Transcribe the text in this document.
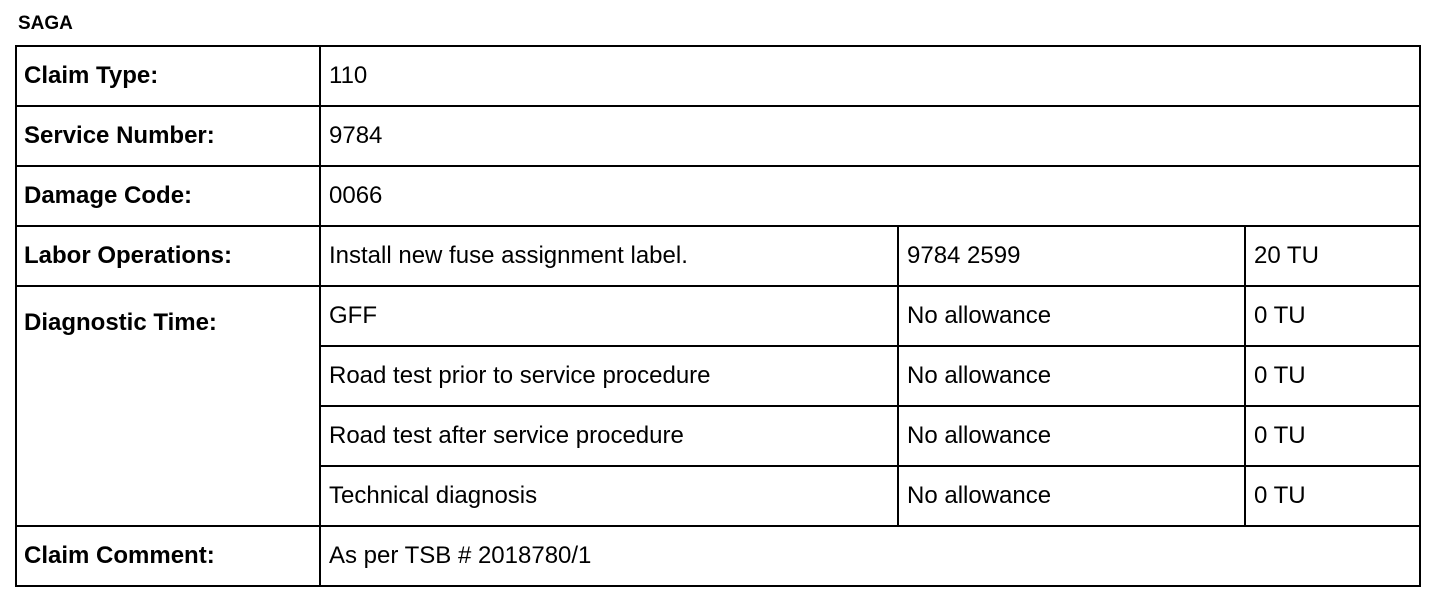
SAGA
Claim Type:	110		
Service Number:	9784		
Damage Code:	0066		
Labor Operations:	Install new fuse assignment label.	9784 2599	20 TU
Diagnostic Time:	GFF	No allowance	0 TU
	Road test prior to service procedure	No allowance	0 TU
	Road test after service procedure	No allowance	0 TU
	Technical diagnosis	No allowance	0 TU
Claim Comment:	As per TSB # 2018780/1		
